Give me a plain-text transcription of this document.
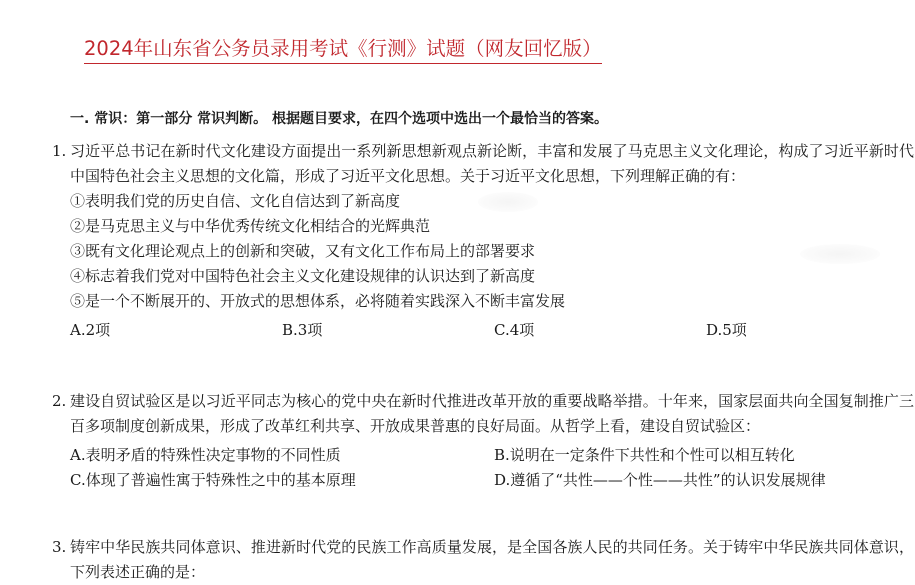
2024年山东省公务员录用考试《行测》试题（网友回忆版）
一. 常识：第一部分 常识判断。 根据题目要求，在四个选项中选出一个最恰当的答案。
1. 习近平总书记在新时代文化建设方面提出一系列新思想新观点新论断，丰富和发展了马克思主义文化理论，构成了习近平新时代中国特色社会主义思想的文化篇，形成了习近平文化思想。关于习近平文化思想，下列理解正确的有：
①表明我们党的历史自信、文化自信达到了新高度
②是马克思主义与中华优秀传统文化相结合的光辉典范
③既有文化理论观点上的创新和突破，又有文化工作布局上的部署要求
④标志着我们党对中国特色社会主义文化建设规律的认识达到了新高度
⑤是一个不断展开的、开放式的思想体系，必将随着实践深入不断丰富发展
A.2项	B.3项	C.4项	D.5项
2. 建设自贸试验区是以习近平同志为核心的党中央在新时代推进改革开放的重要战略举措。十年来，国家层面共向全国复制推广三百多项制度创新成果，形成了改革红利共享、开放成果普惠的良好局面。从哲学上看，建设自贸试验区：
A.表明矛盾的特殊性决定事物的不同性质	B.说明在一定条件下共性和个性可以相互转化
C.体现了普遍性寓于特殊性之中的基本原理	D.遵循了“共性——个性——共性”的认识发展规律
3. 铸牢中华民族共同体意识、推进新时代党的民族工作高质量发展，是全国各族人民的共同任务。关于铸牢中华民族共同体意识，下列表述正确的是：
